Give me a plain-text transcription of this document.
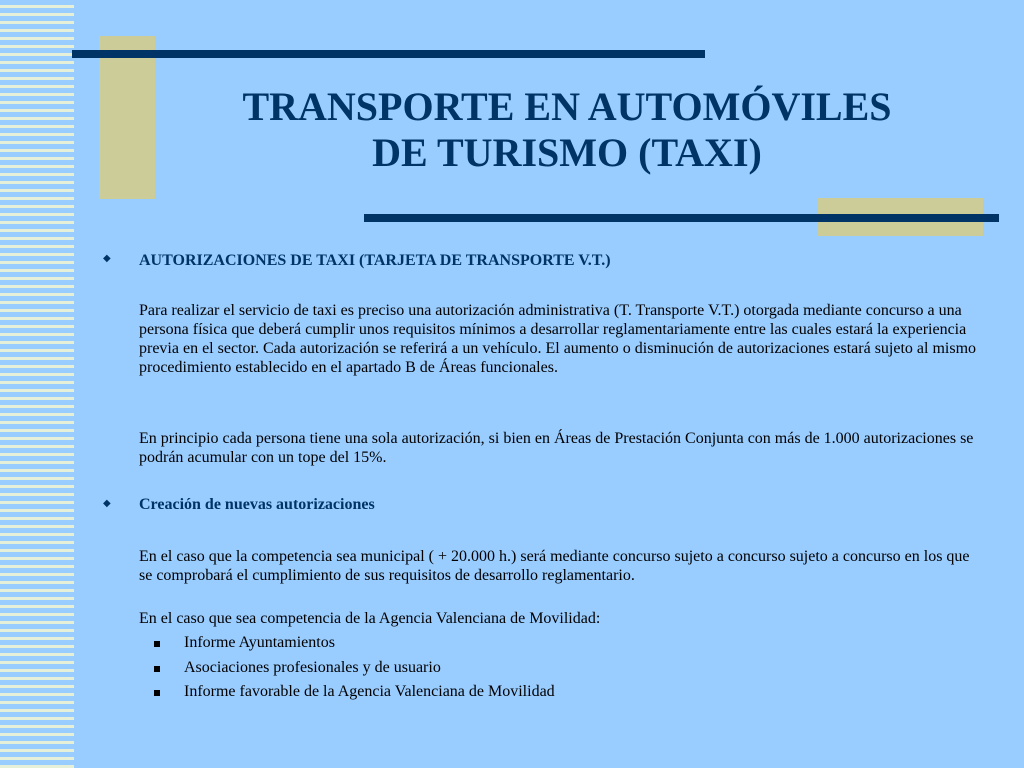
TRANSPORTE EN AUTOMÓVILES
DE TURISMO (TAXI)
◆ AUTORIZACIONES DE TAXI (TARJETA DE TRANSPORTE V.T.)
Para realizar el servicio de taxi es preciso una autorización administrativa (T. Transporte V.T.) otorgada mediante concurso a una persona física que deberá cumplir unos requisitos mínimos a desarrollar reglamentariamente entre las cuales estará la experiencia previa en el sector. Cada autorización se referirá a un vehículo. El aumento o disminución de autorizaciones estará sujeto al mismo procedimiento establecido en el apartado B de Áreas funcionales.
En principio cada persona tiene una sola autorización, si bien en Áreas de Prestación Conjunta con más de 1.000 autorizaciones se podrán acumular con un tope del 15%.
◆ Creación de nuevas autorizaciones
En el caso que la competencia sea municipal ( + 20.000 h.) será mediante concurso sujeto a concurso sujeto a concurso en los que se comprobará el cumplimiento de sus requisitos de desarrollo reglamentario.
En el caso que sea competencia de la Agencia Valenciana de Movilidad:
Informe Ayuntamientos
Asociaciones profesionales y de usuario
Informe favorable de la Agencia Valenciana de Movilidad
